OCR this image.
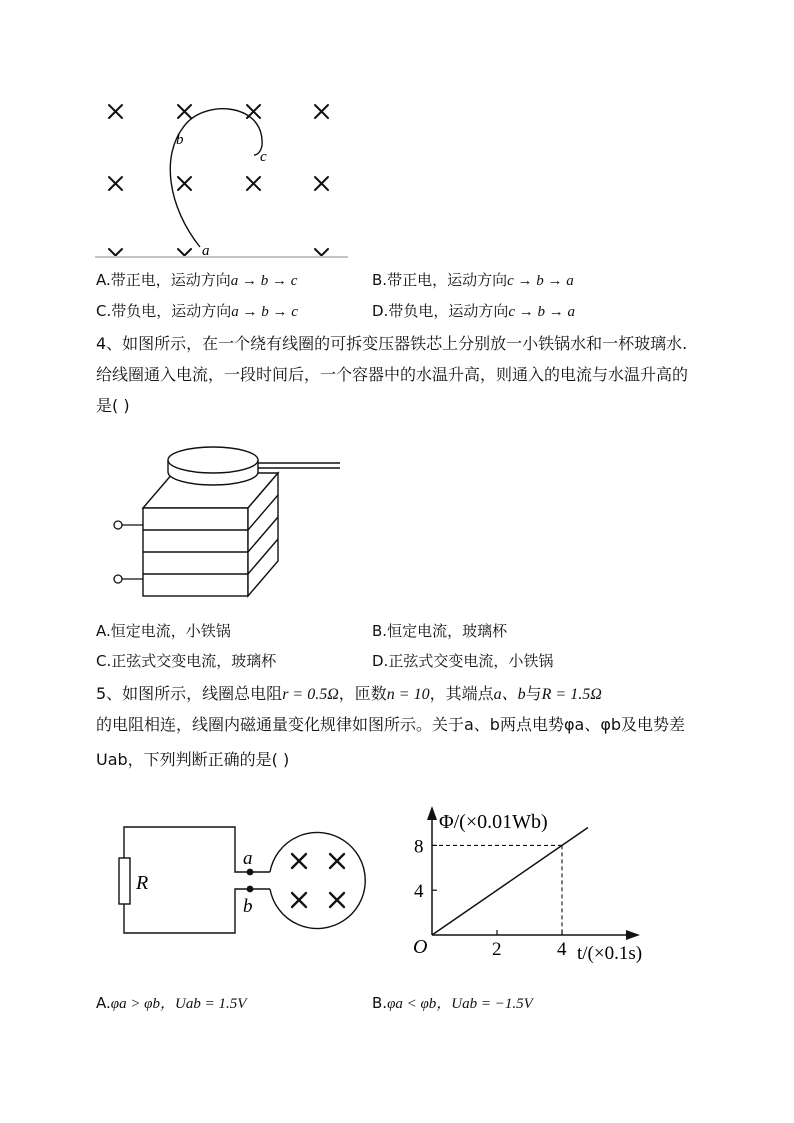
a
b
c
A.带正电，运动方向a → b → c	B.带正电，运动方向c → b → a
C.带负电，运动方向a → b → c	D.带负电，运动方向c → b → a
4、如图所示，在一个绕有线圈的可拆变压器铁芯上分别放一小铁锅水和一杯玻璃水.
给线圈通入电流，一段时间后，一个容器中的水温升高，则通入的电流与水温升高的
是( )
A.恒定电流，小铁锅	B.恒定电流，玻璃杯
C.正弦式交变电流，玻璃杯	D.正弦式交变电流，小铁锅
5、如图所示，线圈总电阻r = 0.5Ω，匝数n = 10，其端点a、b与R = 1.5Ω
的电阻相连，线圈内磁通量变化规律如图所示。关于a、b两点电势φa、φb及电势差
Uab，下列判断正确的是( )
R
a
b
2	4
4
8
O
Φ/(×0.01Wb)
t/(×0.1s)
A.φa > φb，Uab = 1.5V	B.φa < φb，Uab = −1.5V
